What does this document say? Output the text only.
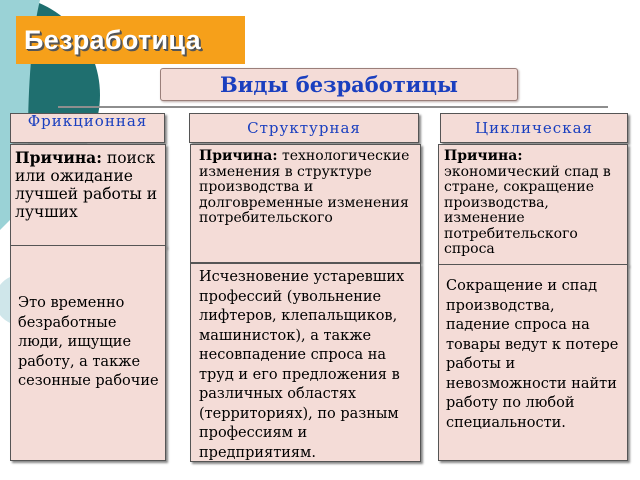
Безработица
Виды безработицы
Фрикционная	Структурная	Циклическая
Причина: поиск или ожидание лучшей работы и лучших
Причина: технологические изменения в структуре производства и долговременные изменения потребительского
Причина: экономический спад в стране, сокращение производства, изменение потребительского спроса
Это временно безработные люди, ищущие работу, а также сезонные рабочие
Исчезновение устаревших профессий (увольнение лифтеров, клепальщиков, машинисток), а также несовпадение спроса на труд и его предложения в различных областях (территориях), по разным профессиям и предприятиям.
Сокращение и спад производства, падение спроса на товары ведут к потере работы и невозможности найти работу по любой специальности.
